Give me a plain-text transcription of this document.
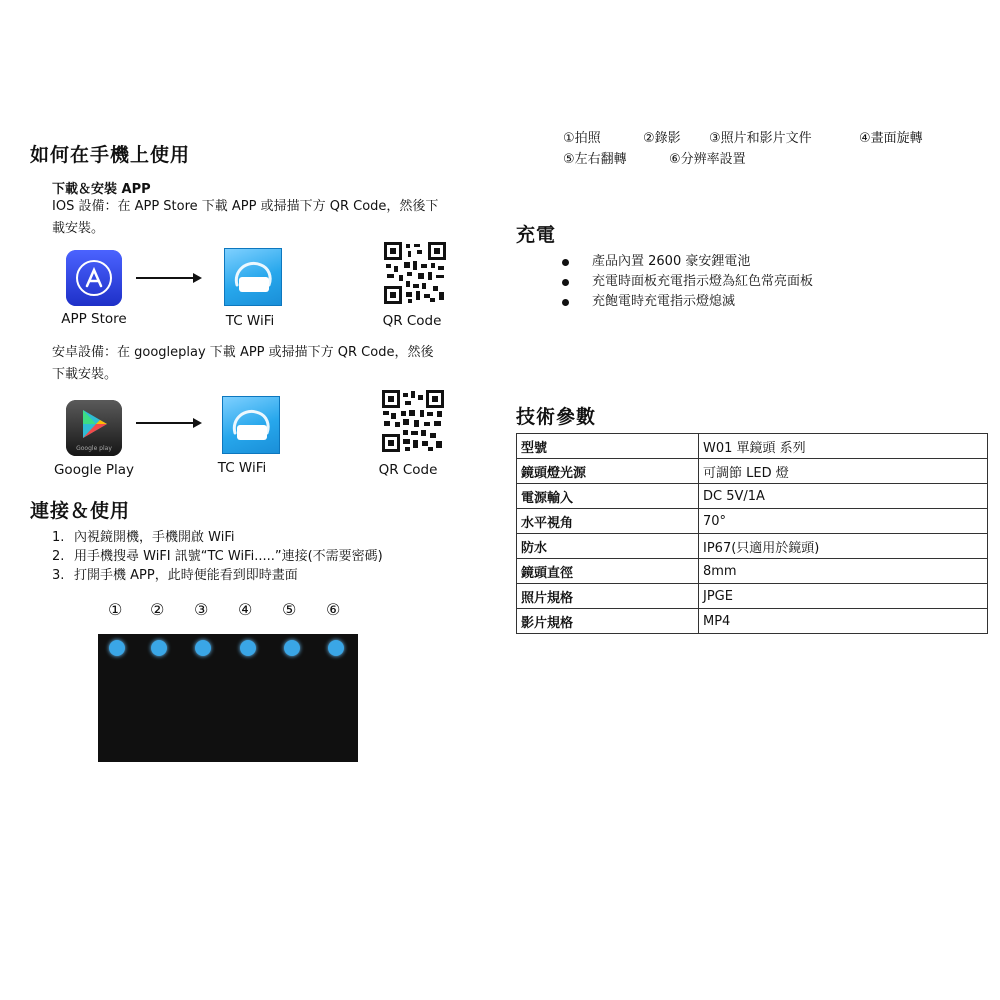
如何在手機上使用
下載＆安裝 APP
IOS 設備：在 APP Store 下載 APP 或掃描下方 QR Code，然後下
載安裝。
APP Store	TC WiFi	QR Code
安卓設備：在 googleplay 下載 APP 或掃描下方 QR Code，然後
下載安裝。
Google play
Google Play	TC WiFi	QR Code
連接＆使用
1. 內視鏡開機，手機開啟 WiFi
2. 用手機搜尋 WiFI 訊號“TC WiFi.....”連接(不需要密碼)
3. 打開手機 APP，此時便能看到即時畫面
① ② ③ ④ ⑤ ⑥
①拍照	②錄影 ③照片和影片文件	④畫面旋轉
⑤左右翻轉	⑥分辨率設置
充電
產品內置 2600 豪安鋰電池
充電時面板充電指示燈為紅色常亮面板
充飽電時充電指示燈熄滅
技術參數
型號	W01 單鏡頭 系列
鏡頭燈光源	可調節 LED 燈
電源輸入	DC 5V/1A
水平視角	70°
防水	IP67(只適用於鏡頭)
鏡頭直徑	8mm
照片規格	JPGE
影片規格	MP4
